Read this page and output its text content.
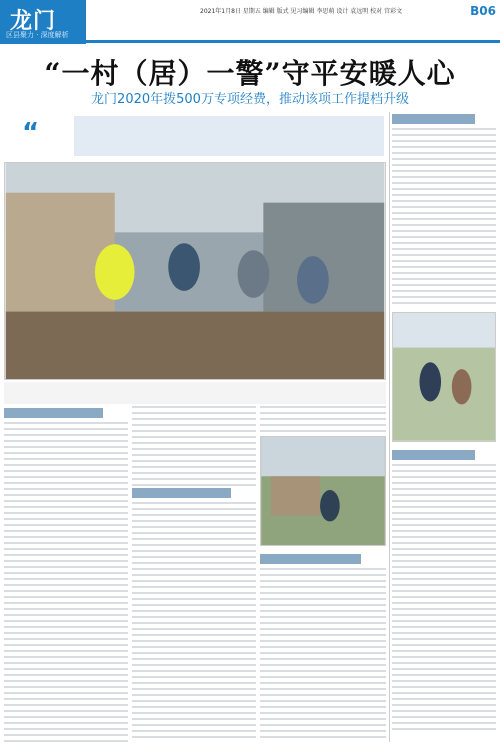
龙门
区县聚力 · 深度解析
2021年1月8日 星期五 编辑 版式 见习编辑 李思萌 设计 袁远明 校对 宫彩文	B06
“一村（居）一警”守平安暖人心
龙门2020年拨500万专项经费，推动该项工作提档升级
“
